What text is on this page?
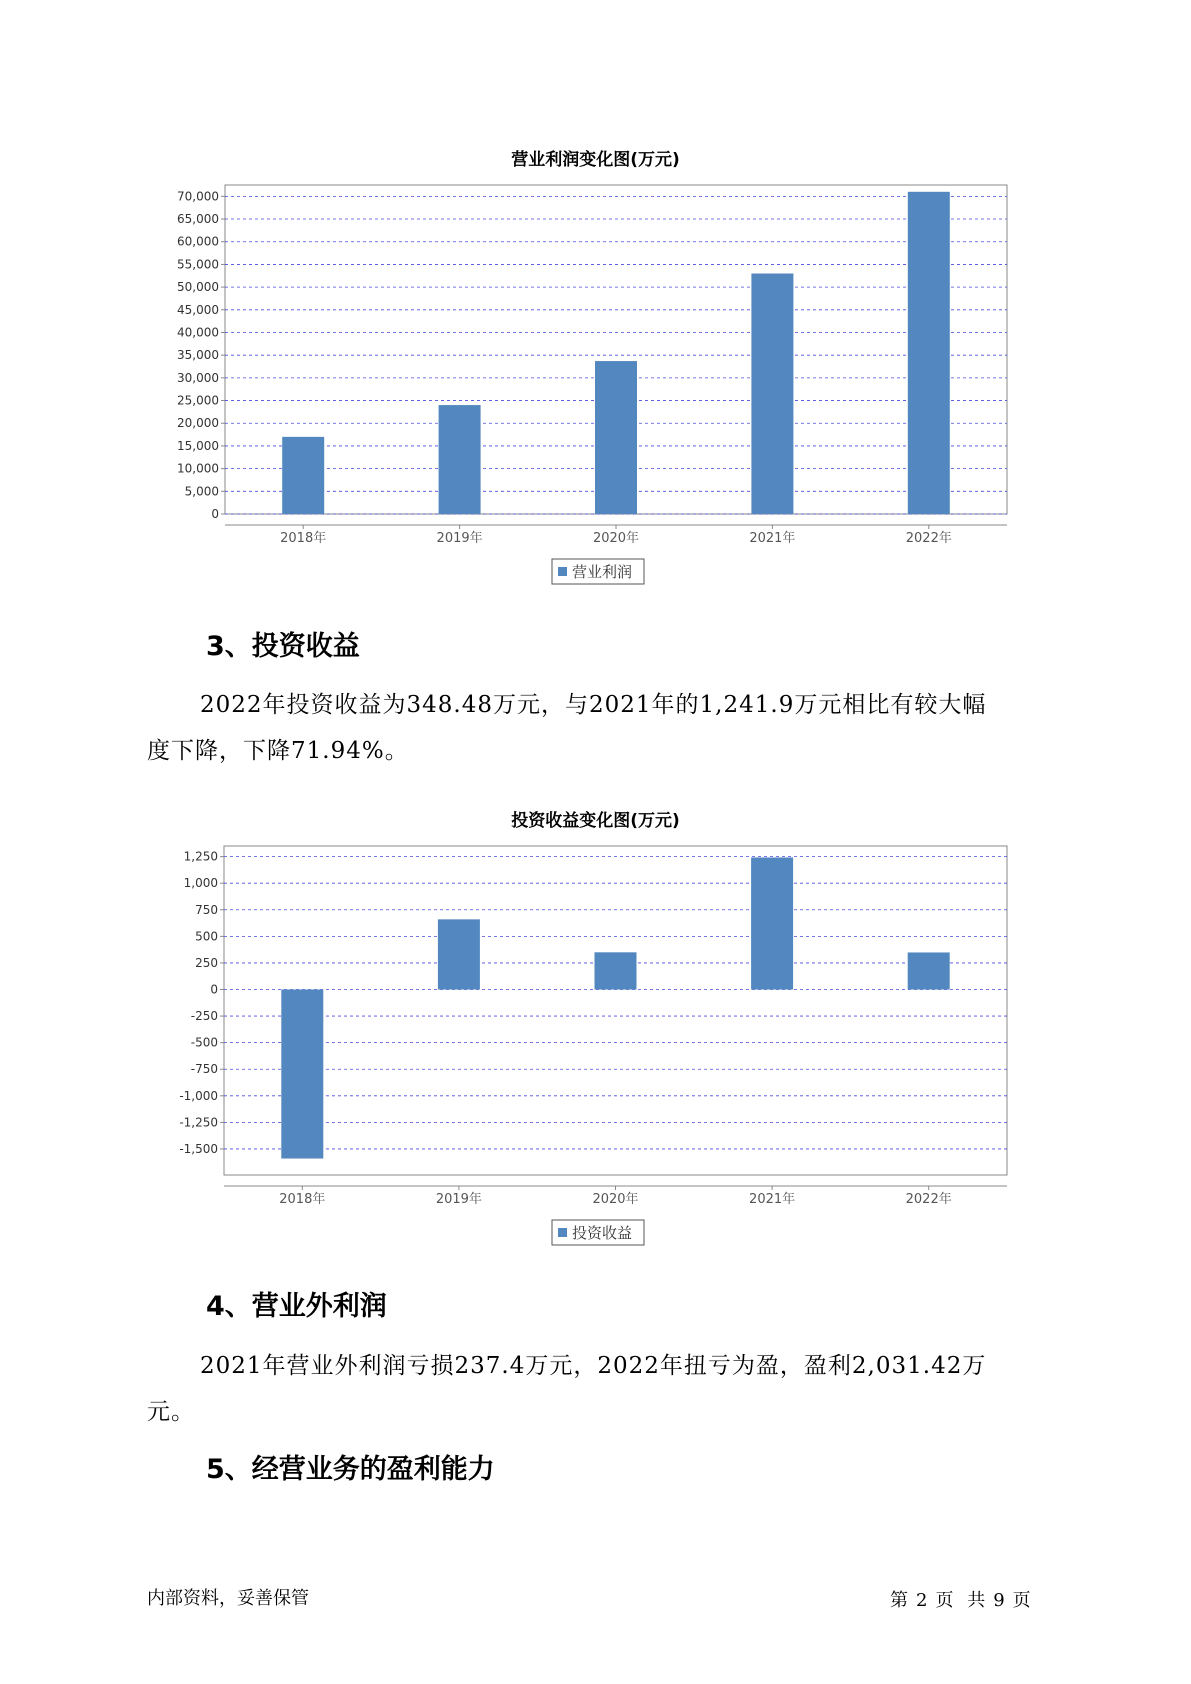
营业利润变化图(万元)
0
5,000
10,000
15,000
20,000
25,000
30,000
35,000
40,000
45,000
50,000
55,000
60,000
65,000
70,000
2018年	2019年	2020年	2021年	2022年
营业利润
3、投资收益
2022年投资收益为348.48万元，与2021年的1,241.9万元相比有较大幅
度下降，下降71.94%。
投资收益变化图(万元)
-1,500
-1,250
-1,000
-750
-500
-250
0
250
500
750
1,000
1,250
2018年	2019年	2020年	2021年	2022年
投资收益
4、营业外利润
2021年营业外利润亏损237.4万元，2022年扭亏为盈，盈利2,031.42万
元。
5、经营业务的盈利能力
内部资料，妥善保管	第 2 页 共 9 页
